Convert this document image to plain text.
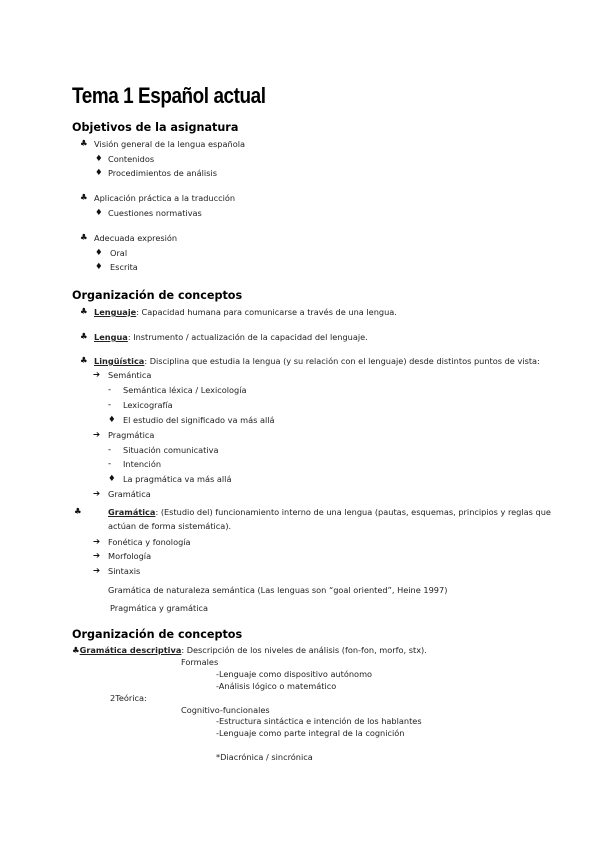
Tema 1 Español actual
Objetivos de la asignatura
♣ Visión general de la lengua española
♦ Contenidos
♦ Procedimientos de análisis
♣ Aplicación práctica a la traducción
♦ Cuestiones normativas
♣ Adecuada expresión
♦ Oral
♦ Escrita
Organización de conceptos
♣ Lenguaje: Capacidad humana para comunicarse a través de una lengua.
♣ Lengua: Instrumento / actualización de la capacidad del lenguaje.
♣ Lingüística: Disciplina que estudia la lengua (y su relación con el lenguaje) desde distintos puntos de vista:
➔ Semántica
- Semántica léxica / Lexicología
- Lexicografía
♦ El estudio del significado va más allá
➔ Pragmática
- Situación comunicativa
- Intención
♦ La pragmática va más allá
➔ Gramática
♣	Gramática: (Estudio del) funcionamiento interno de una lengua (pautas, esquemas, principios y reglas que
actúan de forma sistemática).
➔ Fonética y fonología
➔ Morfología
➔ Sintaxis
Gramática de naturaleza semántica (Las lenguas son “goal oriented”, Heine 1997)
Pragmática y gramática
Organización de conceptos
♣Gramática descriptiva: Descripción de los niveles de análisis (fon-fon, morfo, stx).
Formales
-Lenguaje como dispositivo autónomo
-Análisis lógico o matemático
2Teórica:
Cognitivo-funcionales
-Estructura sintáctica e intención de los hablantes
-Lenguaje como parte integral de la cognición
*Diacrónica / sincrónica
